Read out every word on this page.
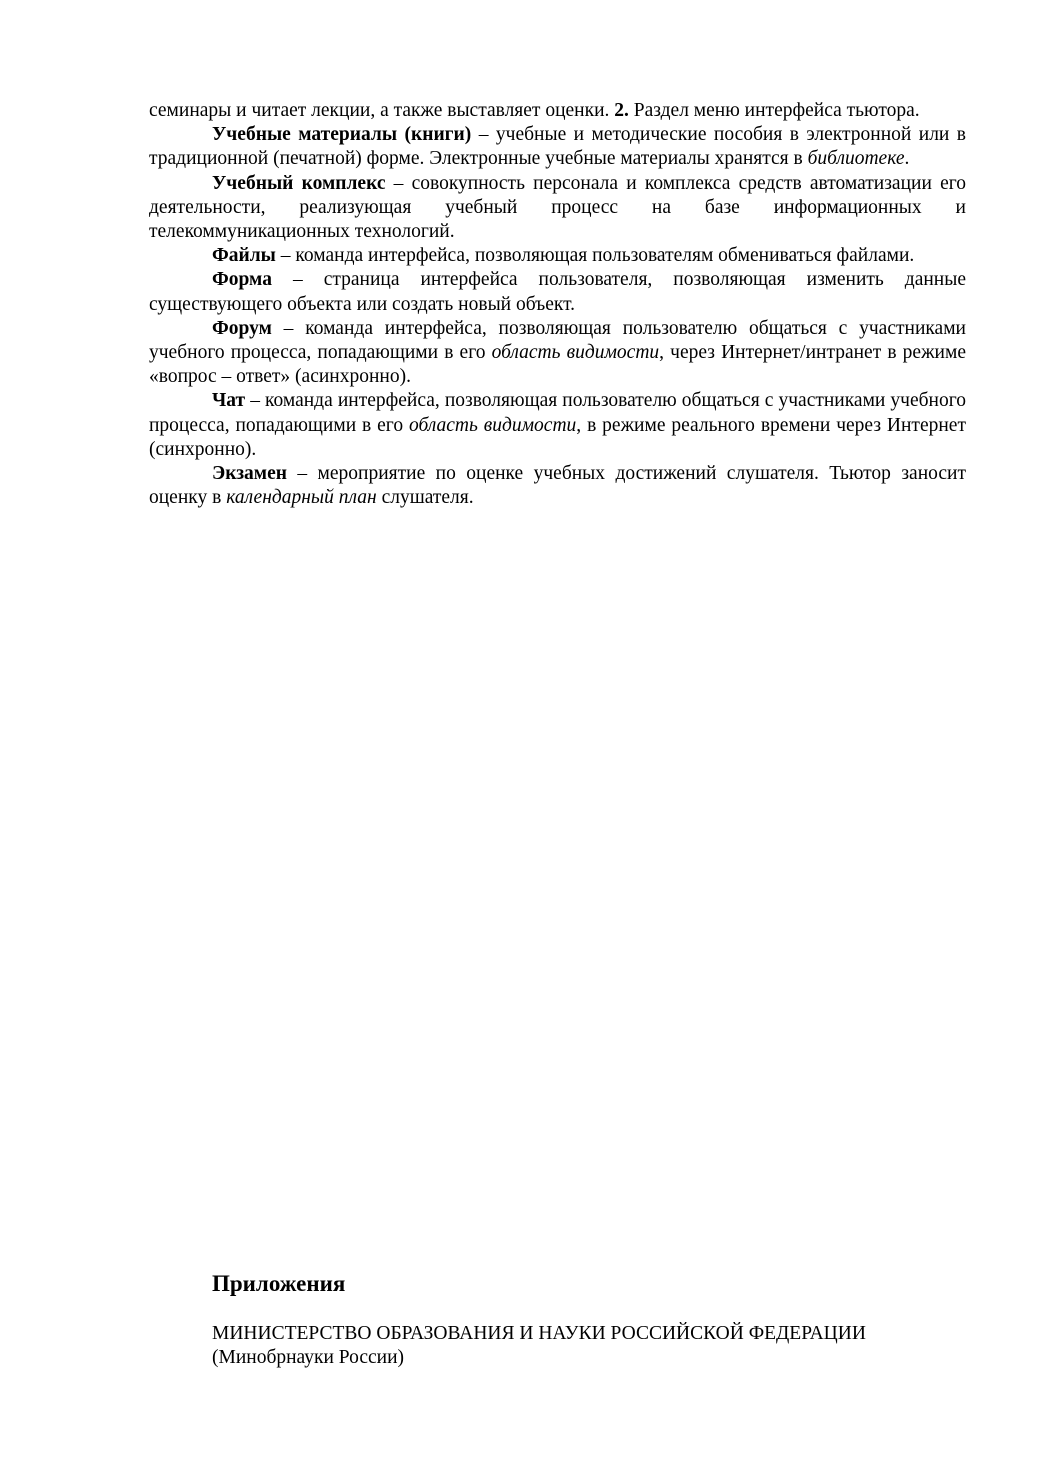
семинары и читает лекции, а также выставляет оценки. 2. Раздел меню интерфейса тьютора.

Учебные материалы (книги) – учебные и методические пособия в электронной или в традиционной (печатной) форме. Электронные учебные материалы хранятся в библиотеке.

Учебный комплекс – совокупность персонала и комплекса средств автоматизации его деятельности, реализующая учебный процесс на базе информационных и телекоммуникационных технологий.

Файлы – команда интерфейса, позволяющая пользователям обмениваться файлами.

Форма – страница интерфейса пользователя, позволяющая изменить данные существующего объекта или создать новый объект.

Форум – команда интерфейса, позволяющая пользователю общаться с участниками учебного процесса, попадающими в его область видимости, через Интернет/интранет в режиме «вопрос – ответ» (асинхронно).

Чат – команда интерфейса, позволяющая пользователю общаться с участниками учебного процесса, попадающими в его область видимости, в режиме реального времени через Интернет (синхронно).

Экзамен – мероприятие по оценке учебных достижений слушателя. Тьютор заносит оценку в календарный план слушателя.

Приложения

МИНИСТЕРСТВО ОБРАЗОВАНИЯ И НАУКИ РОССИЙСКОЙ ФЕДЕРАЦИИ
(Минобрнауки России)
